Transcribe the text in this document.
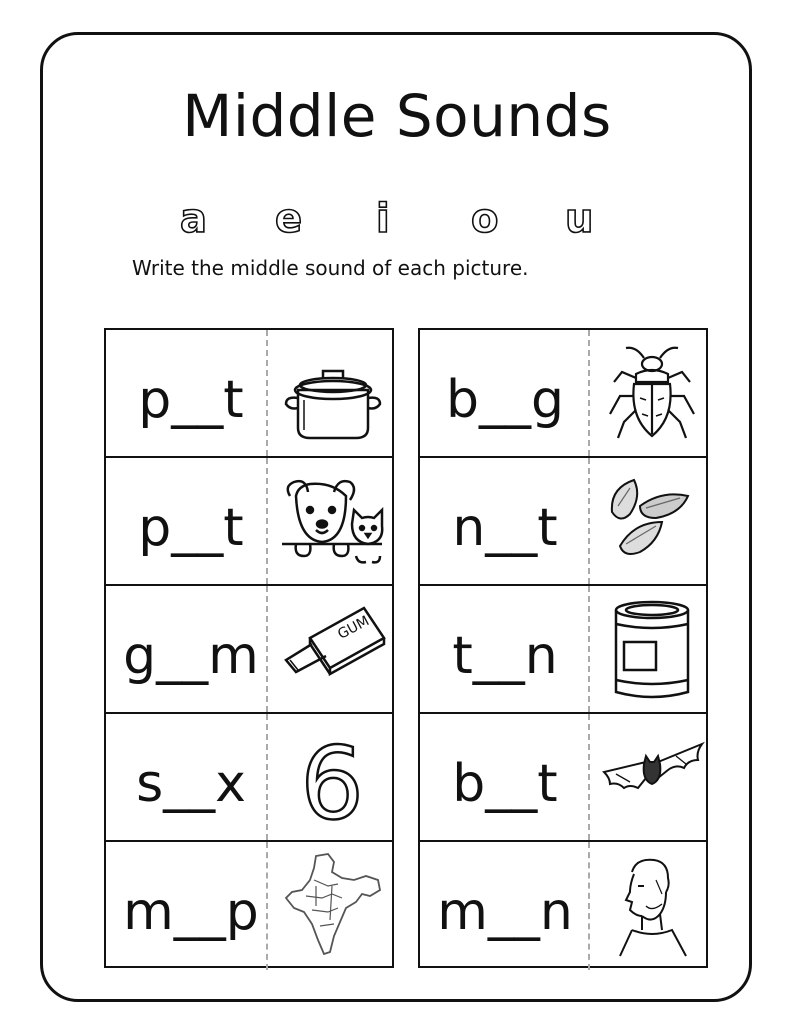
Middle Sounds
a e i o u
Write the middle sound of each picture.
p__t
p__t
g__m	GUM
s__x 6
m__p
b__g
n__t
t__n
b__t
m__n
